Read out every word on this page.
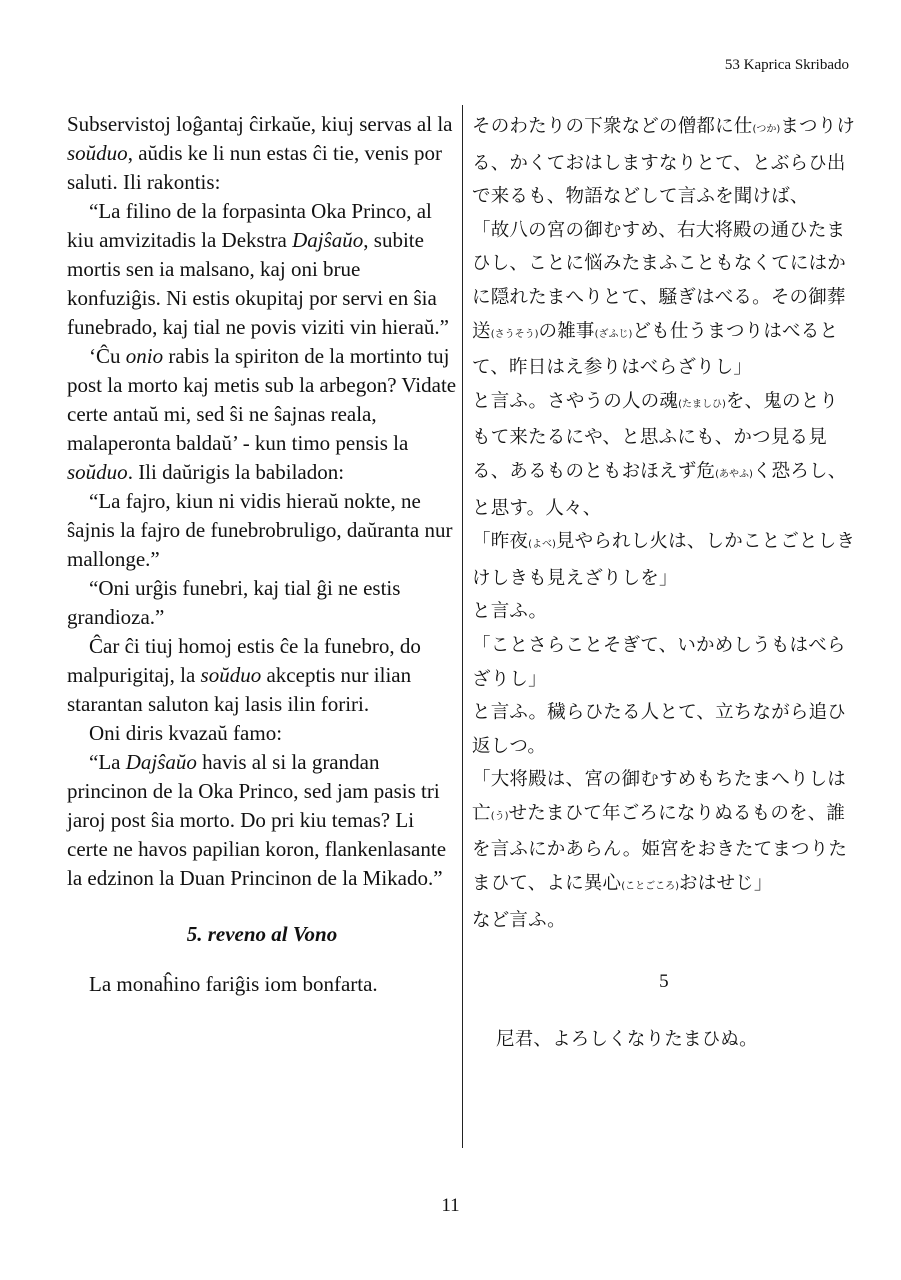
53 Kaprica Skribado

Subservistoj loĝantaj ĉirkaŭe, kiuj servas al la soŭduo, aŭdis ke li nun estas ĉi tie, venis por saluti. Ili rakontis:

“La filino de la forpasinta Oka Princo, al kiu amvizitadis la Dekstra Dajŝaŭo, subite mortis sen ia malsano, kaj oni brue konfuziĝis. Ni estis okupitaj por servi en ŝia funebrado, kaj tial ne povis viziti vin hieraŭ.”

‘Ĉu onio rabis la spiriton de la mortinto tuj post la morto kaj metis sub la arbegon? Vidate certe antaŭ mi, sed ŝi ne ŝajnas reala, malaperonta baldaŭ’ - kun timo pensis la soŭduo. Ili daŭrigis la babiladon:

“La fajro, kiun ni vidis hieraŭ nokte, ne ŝajnis la fajro de funebrobruligo, daŭranta nur mallonge.”

“Oni urĝis funebri, kaj tial ĝi ne estis grandioza.”

Ĉar ĉi tiuj homoj estis ĉe la funebro, do malpurigitaj, la soŭduo akceptis nur ilian starantan saluton kaj lasis ilin foriri.

Oni diris kvazaŭ famo:

“La Dajŝaŭo havis al si la grandan princinon de la Oka Princo, sed jam pasis tri jaroj post ŝia morto. Do pri kiu temas? Li certe ne havos papilian koron, flankenlasante la edzinon la Duan Princinon de la Mikado.”

5. reveno al Vono

La monaĥino fariĝis iom bonfarta.

そのわたりの下衆などの僧都に仕(つか)まつりける、かくておはしますなりとて、とぶらひ出で来るも、物語などして言ふを聞けば、

「故八の宮の御むすめ、右大将殿の通ひたまひし、ことに悩みたまふこともなくてにはかに隠れたまへりとて、騒ぎはべる。その御葬送(さうそう)の雑事(ざふじ)ども仕うまつりはべるとて、昨日はえ参りはべらざりし」

と言ふ。さやうの人の魂(たましひ)を、鬼のとりもて来たるにや、と思ふにも、かつ見る見る、あるものともおほえず危(あやふ)く恐ろし、と思す。人々、

「昨夜(よべ)見やられし火は、しかことごとしきけしきも見えざりしを」

と言ふ。

「ことさらことそぎて、いかめしうもはべらざりし」

と言ふ。穢らひたる人とて、立ちながら追ひ返しつ。

「大将殿は、宮の御むすめもちたまへりしは亡(う)せたまひて年ごろになりぬるものを、誰を言ふにかあらん。姫宮をおきたてまつりたまひて、よに異心(ことごころ)おはせじ」

など言ふ。

5

尼君、よろしくなりたまひぬ。

11
